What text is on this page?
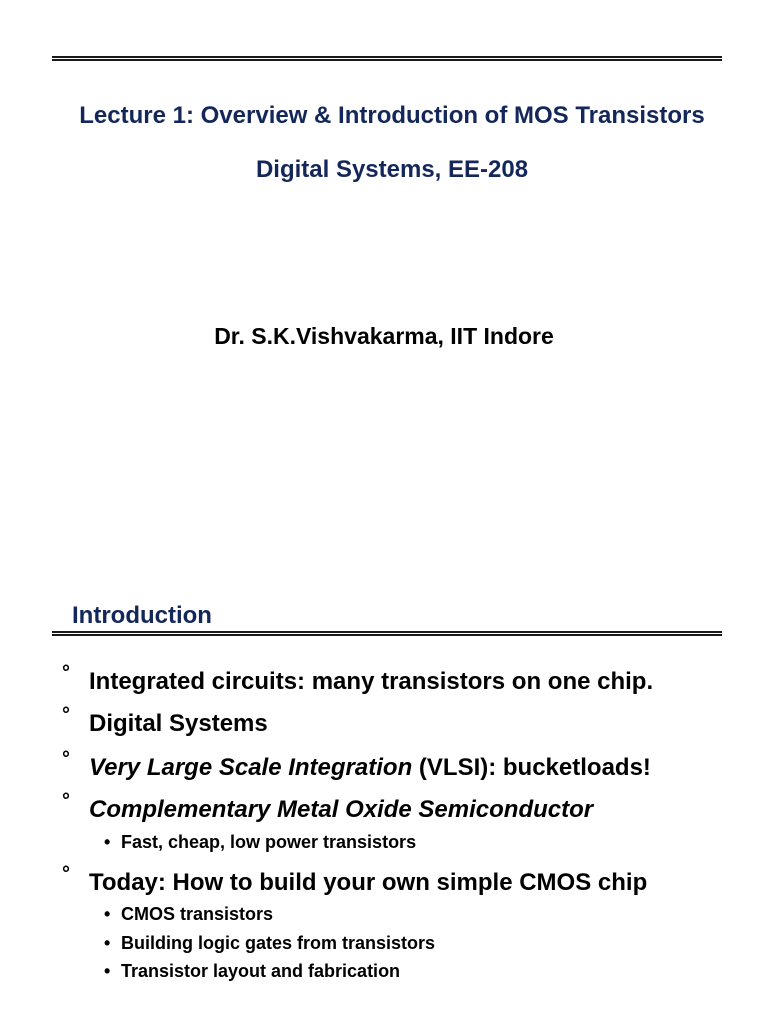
Lecture 1: Overview & Introduction of MOS Transistors
Digital Systems, EE-208
Dr. S.K.Vishvakarma, IIT Indore
Introduction
° Integrated circuits: many transistors on one chip.
° Digital Systems
° Very Large Scale Integration (VLSI): bucketloads!
° Complementary Metal Oxide Semiconductor
• Fast, cheap, low power transistors
° Today: How to build your own simple CMOS chip
• CMOS transistors
• Building logic gates from transistors
• Transistor layout and fabrication
